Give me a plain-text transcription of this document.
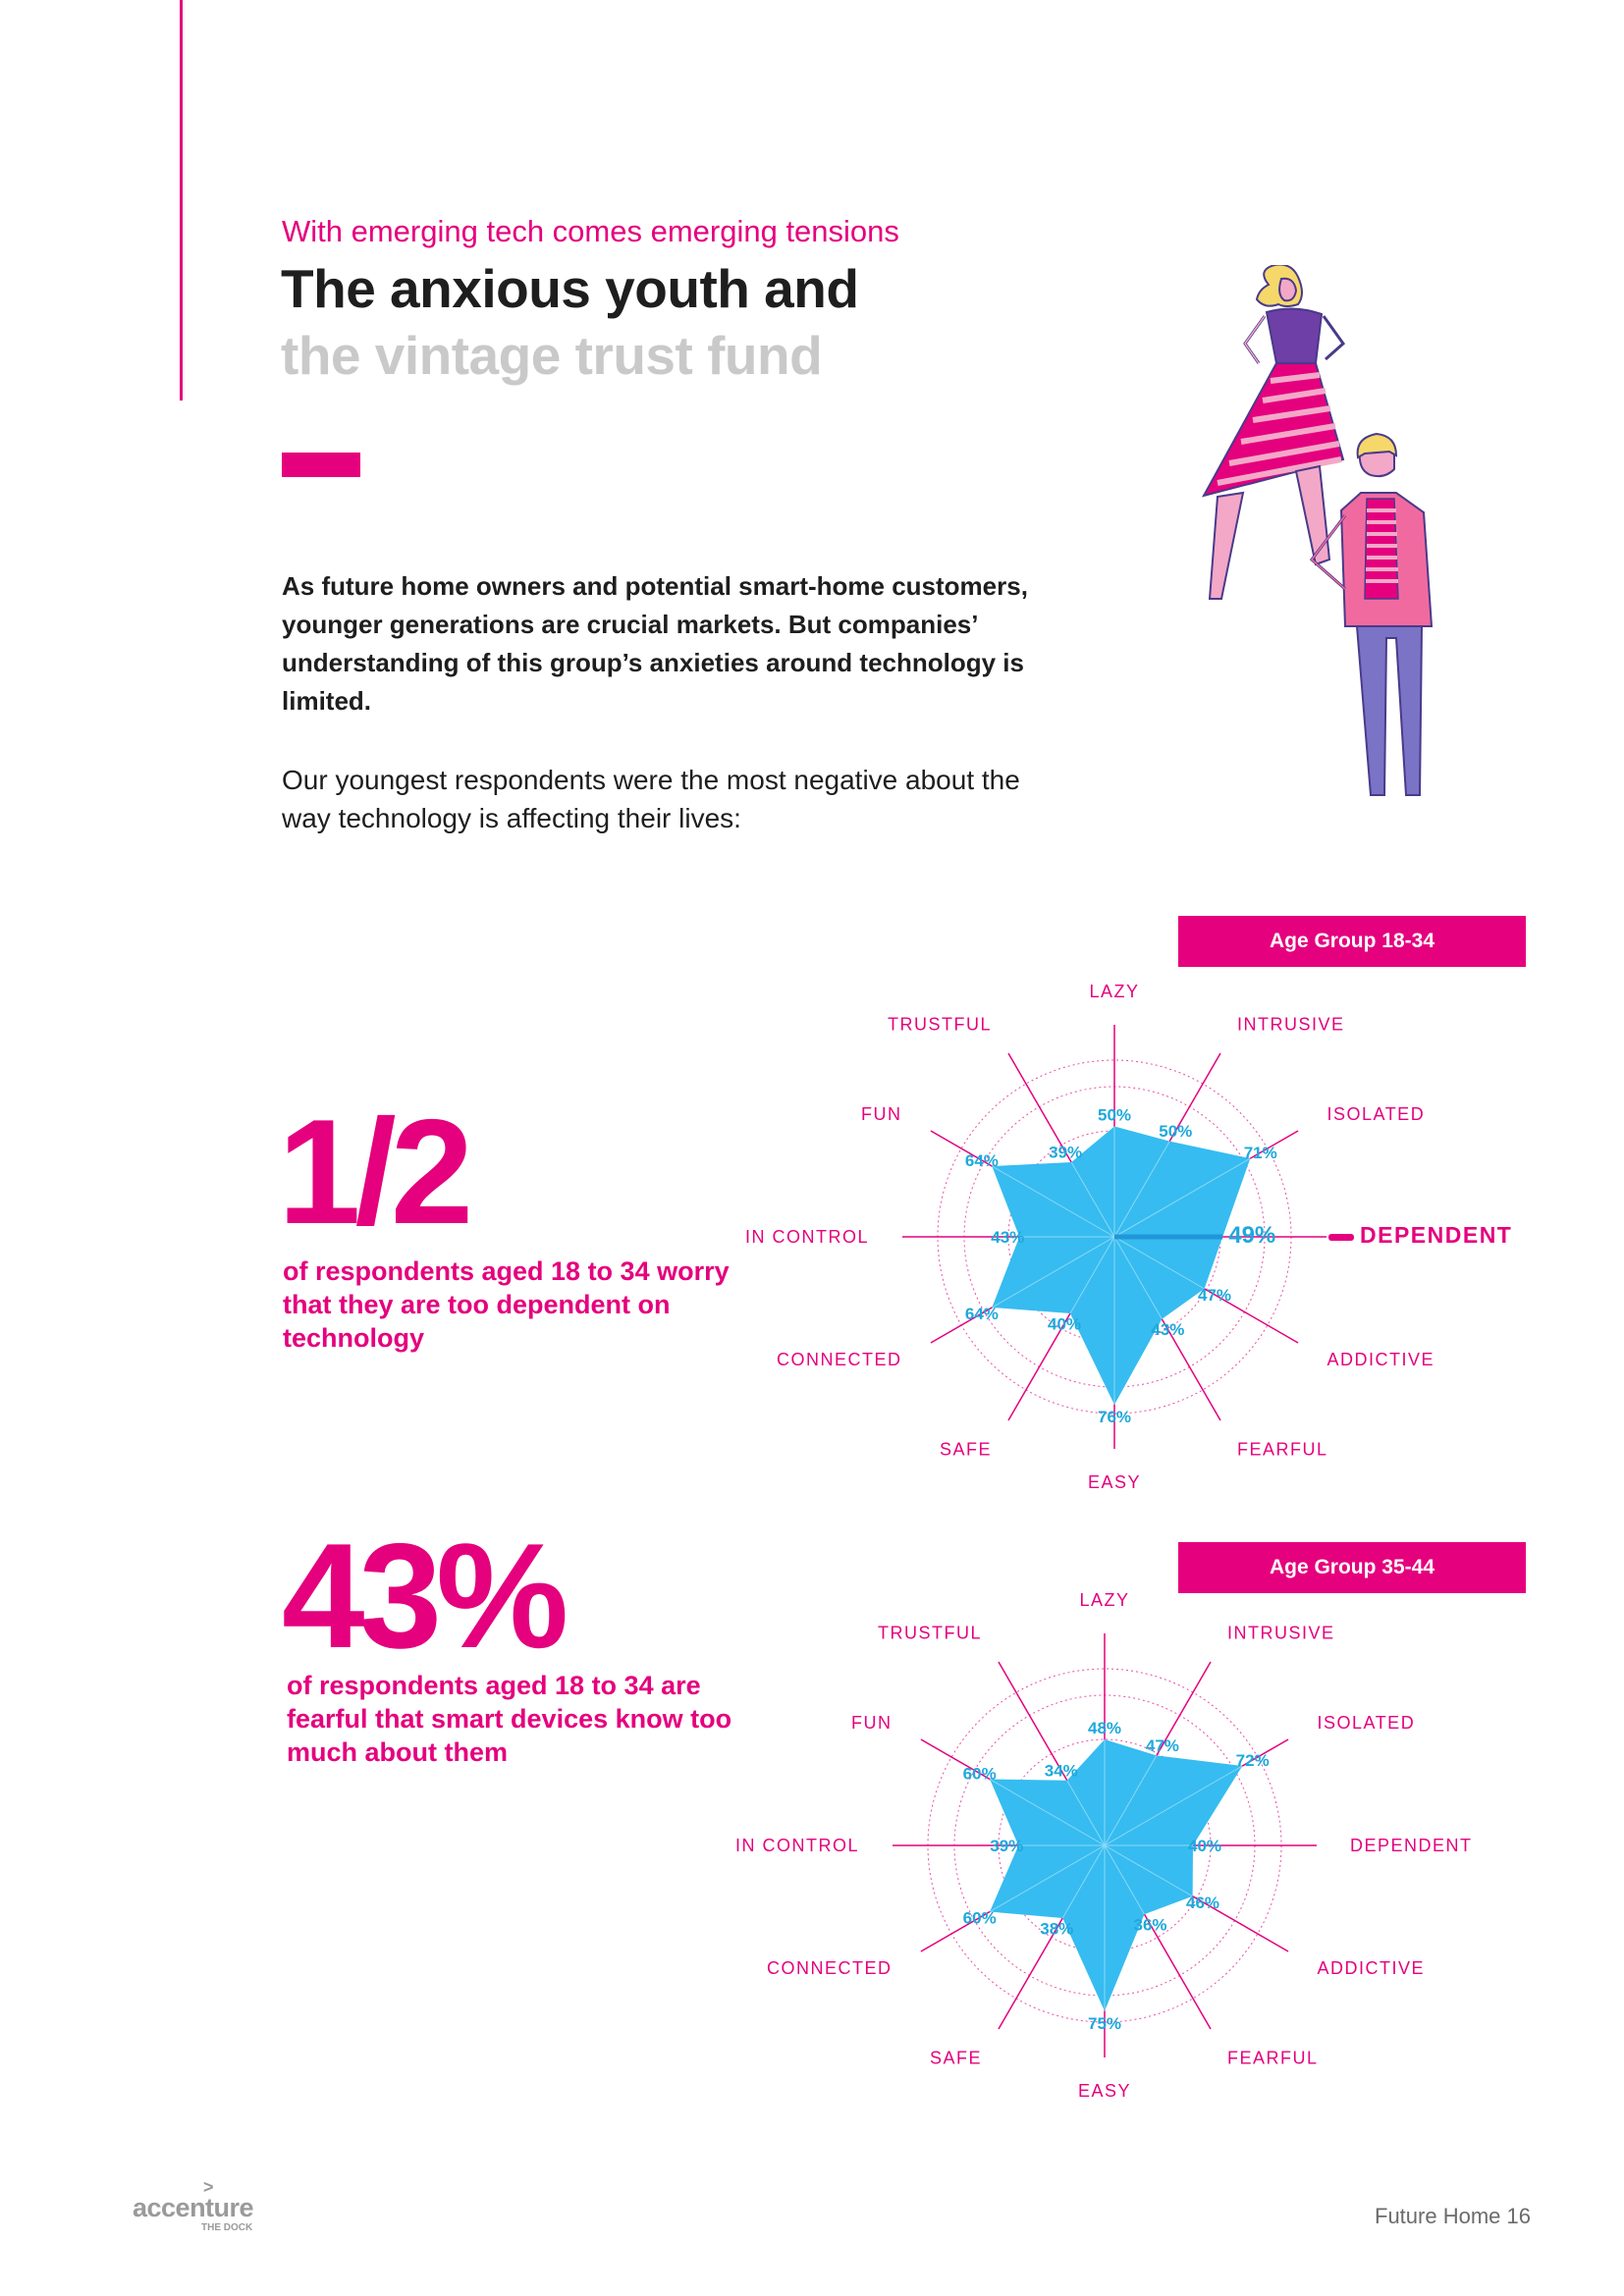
With emerging tech comes emerging tensions
The anxious youth and
the vintage trust fund
As future home owners and potential smart-home customers, younger generations are crucial markets. But companies’ understanding of this group’s anxieties around technology is limited.
Our youngest respondents were the most negative about the way technology is affecting their lives:
1/2
of respondents aged 18 to 34 worry that they are too dependent on technology
43%
of respondents aged 18 to 34 are fearful that smart devices know too much about them
Age Group 18-34
Age Group 35-44
50%
LAZY
50%
INTRUSIVE
71%
ISOLATED
49%	DEPENDENT
47%
ADDICTIVE
43%
FEARFUL
76%
EASY
40%
SAFE
64%
CONNECTED
43%
IN CONTROL
64%
FUN
39%
TRUSTFUL
48%
LAZY
47%
INTRUSIVE
72%
ISOLATED
40%	DEPENDENT
46%
ADDICTIVE
36%
FEARFUL
75%
EASY
38%
SAFE
60%
CONNECTED
39%
IN CONTROL
60%
FUN
34%
TRUSTFUL
>
accenture
THE DOCK	Future Home 16
